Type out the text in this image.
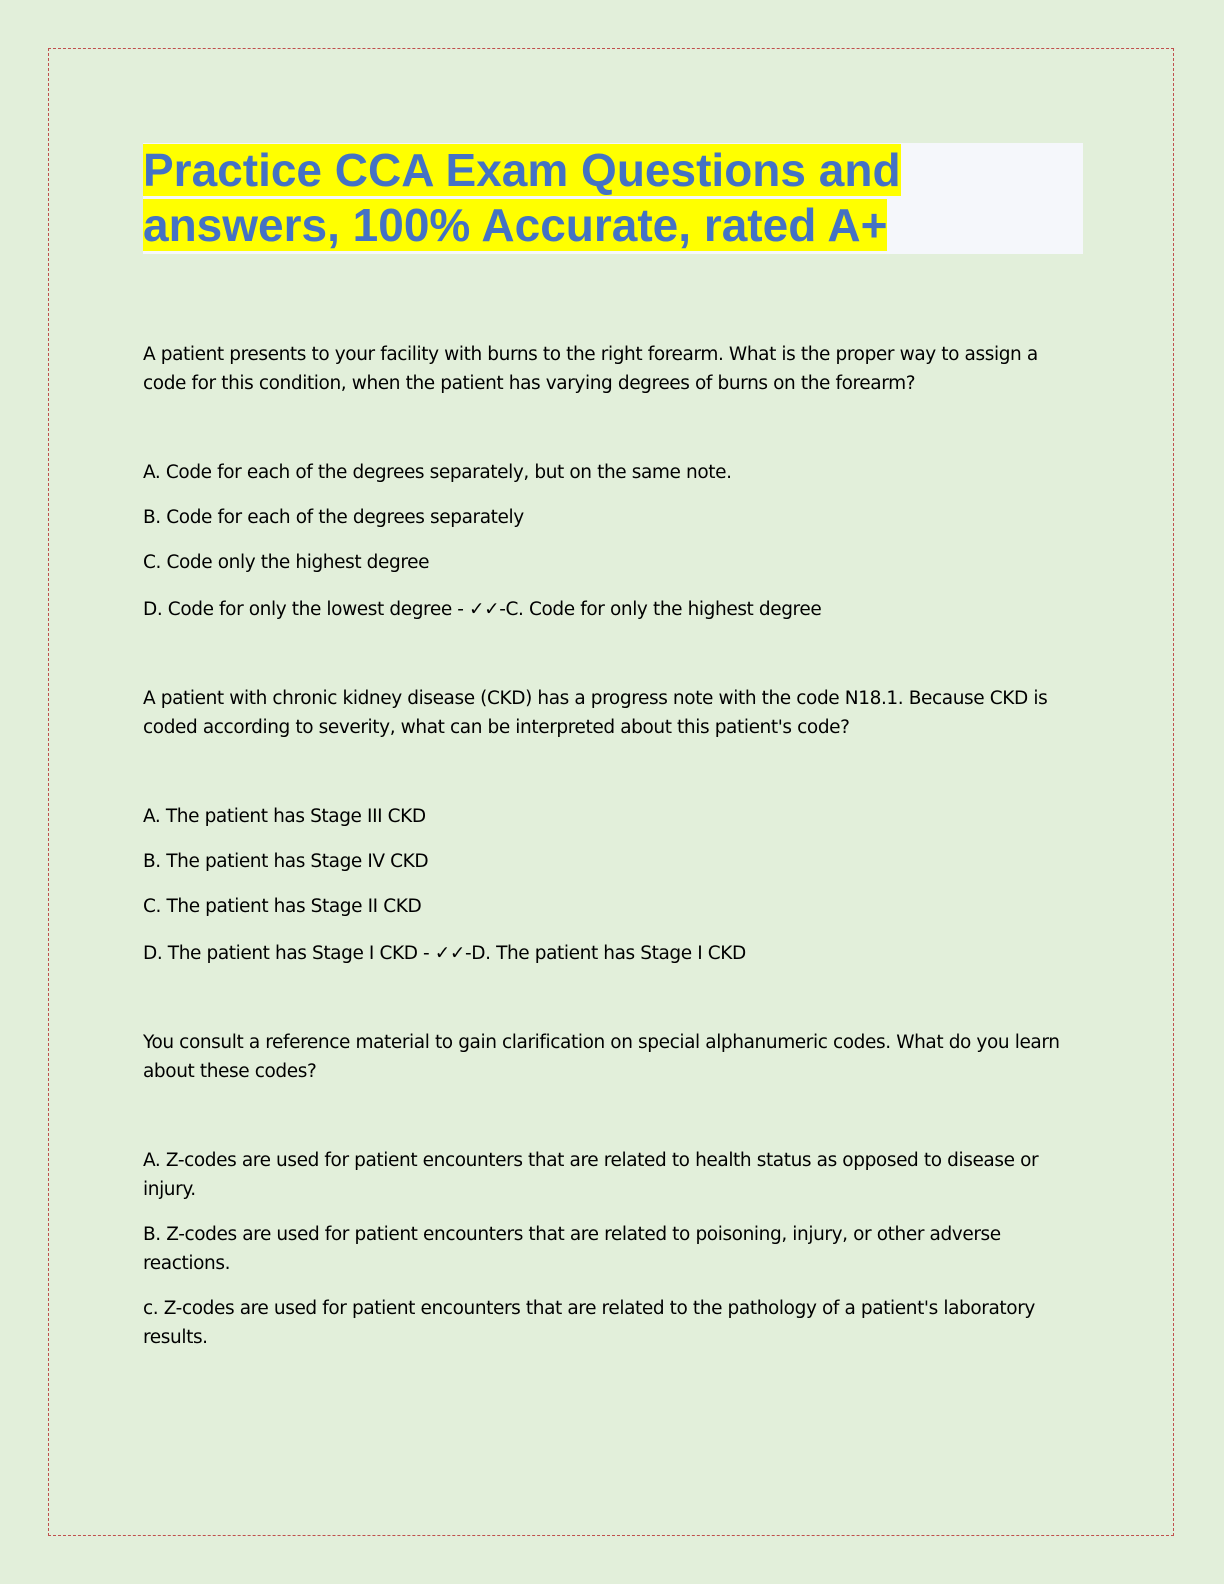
Practice CCA Exam Questions and
answers, 100% Accurate, rated A+

A patient presents to your facility with burns to the right forearm. What is the proper way to assign a code for this condition, when the patient has varying degrees of burns on the forearm?

A. Code for each of the degrees separately, but on the same note.

B. Code for each of the degrees separately

C. Code only the highest degree

D. Code for only the lowest degree - ✓✓-C. Code for only the highest degree

A patient with chronic kidney disease (CKD) has a progress note with the code N18.1. Because CKD is coded according to severity, what can be interpreted about this patient's code?

A. The patient has Stage III CKD

B. The patient has Stage IV CKD

C. The patient has Stage II CKD

D. The patient has Stage I CKD - ✓✓-D. The patient has Stage I CKD

You consult a reference material to gain clarification on special alphanumeric codes. What do you learn about these codes?

A. Z-codes are used for patient encounters that are related to health status as opposed to disease or injury.

B. Z-codes are used for patient encounters that are related to poisoning, injury, or other adverse reactions.

c. Z-codes are used for patient encounters that are related to the pathology of a patient's laboratory results.
